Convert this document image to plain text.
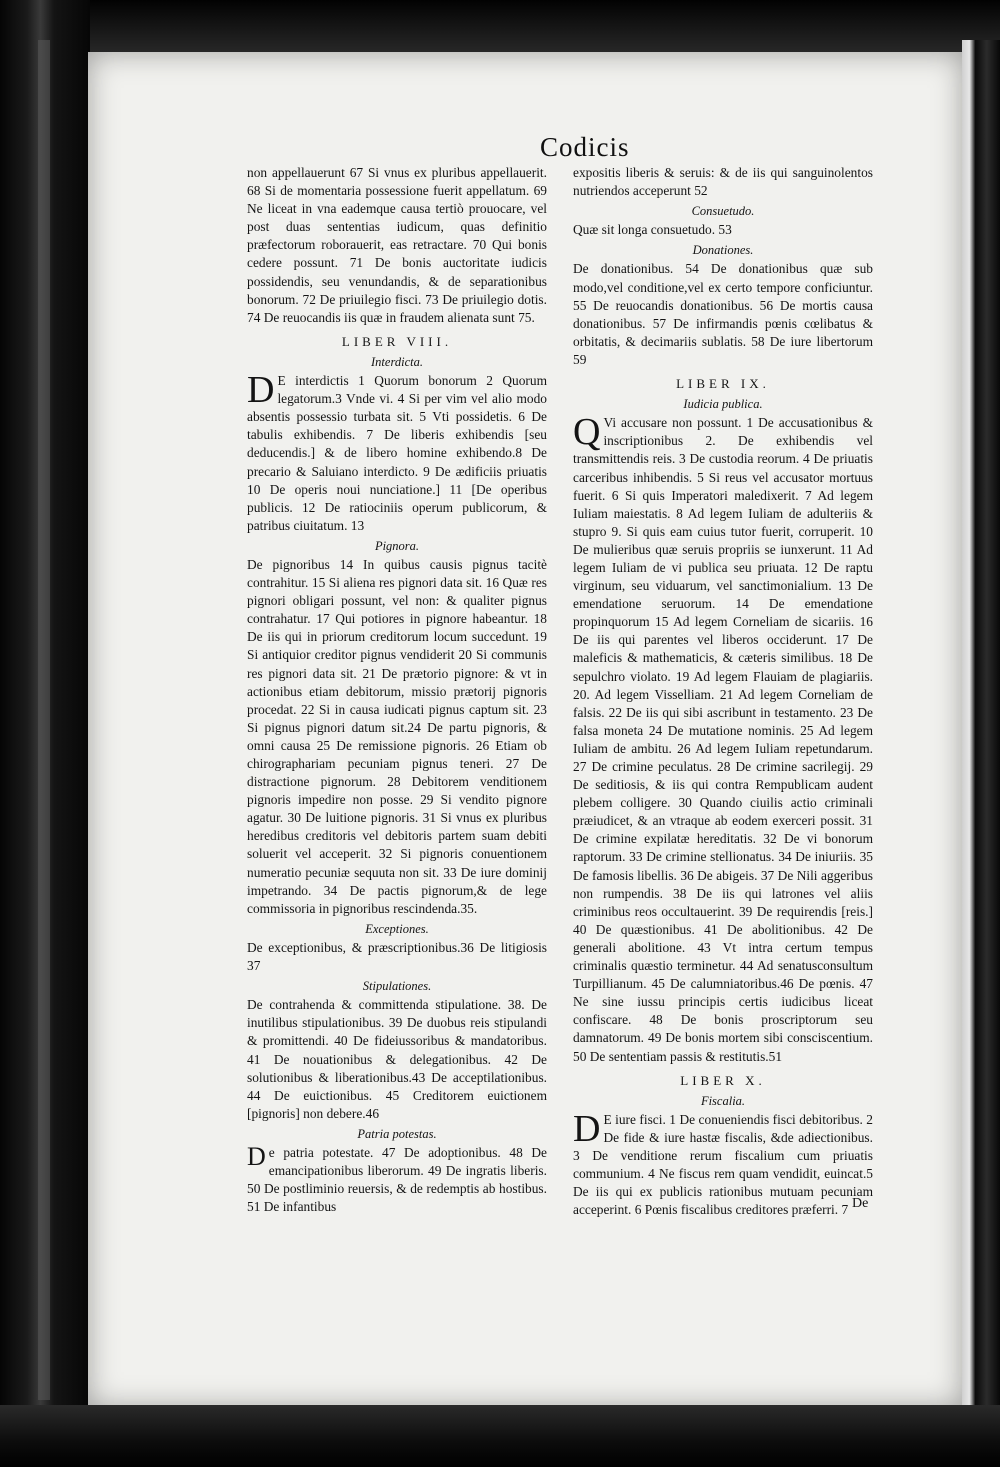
Codicis

non appellauerunt 67 Si vnus ex pluribus appellauerit. 68 Si de momentaria possessione fuerit appellatum. 69 Ne liceat in vna eademque causa tertiò prouocare, vel post duas sententias iudicum, quas definitio præfectorum roborauerit, eas retractare. 70 Qui bonis cedere possunt. 71 De bonis auctoritate iudicis possidendis, seu venundandis, & de separationibus bonorum. 72 De priuilegio fisci. 73 De priuilegio dotis. 74 De reuocandis iis quæ in fraudem alienata sunt 75.

LIBER VIII.
Interdicta.

D E interdictis 1 Quorum bonorum 2 Quorum legatorum.3 Vnde vi. 4 Si per vim vel alio modo absentis possessio turbata sit. 5 Vti possidetis. 6 De tabulis exhibendis. 7 De liberis exhibendis [seu deducendis.] & de libero homine exhibendo.8 De precario & Saluiano interdicto. 9 De ædificiis priuatis 10 De operis noui nunciatione.] 11 [De operibus publicis. 12 De ratiociniis operum publicorum, & patribus ciuitatum. 13

Pignora.

De pignoribus 14 In quibus causis pignus tacitè contrahitur. 15 Si aliena res pignori data sit. 16 Quæ res pignori obligari possunt, vel non: & qualiter pignus contrahatur. 17 Qui potiores in pignore habeantur. 18 De iis qui in priorum creditorum locum succedunt. 19 Si antiquior creditor pignus vendiderit 20 Si communis res pignori data sit. 21 De prætorio pignore: & vt in actionibus etiam debitorum, missio prætorij pignoris procedat. 22 Si in causa iudicati pignus captum sit. 23 Si pignus pignori datum sit.24 De partu pignoris, & omni causa 25 De remissione pignoris. 26 Etiam ob chirographariam pecuniam pignus teneri. 27 De distractione pignorum. 28 Debitorem venditionem pignoris impedire non posse. 29 Si vendito pignore agatur. 30 De luitione pignoris. 31 Si vnus ex pluribus heredibus creditoris vel debitoris partem suam debiti soluerit vel acceperit. 32 Si pignoris conuentionem numeratio pecuniæ sequuta non sit. 33 De iure dominij impetrando. 34 De pactis pignorum,& de lege commissoria in pignoribus rescindenda.35.

Exceptiones.

De exceptionibus, & præscriptionibus.36 De litigiosis 37

Stipulationes.

De contrahenda & committenda stipulatione. 38. De inutilibus stipulationibus. 39 De duobus reis stipulandi & promittendi. 40 De fideiussoribus & mandatoribus. 41 De nouationibus & delegationibus. 42 De solutionibus & liberationibus.43 De acceptilationibus. 44 De euictionibus. 45 Creditorem euictionem [pignoris] non debere.46

Patria potestas.

De patria potestate. 47 De adoptionibus. 48 De emancipationibus liberorum. 49 De ingratis liberis. 50 De postliminio reuersis, & de redemptis ab hostibus. 51 De infantibus

expositis liberis & seruis: & de iis qui sanguinolentos nutriendos acceperunt 52

Consuetudo.

Quæ sit longa consuetudo. 53

Donationes.

De donationibus. 54 De donationibus quæ sub modo,vel conditione,vel ex certo tempore conficiuntur. 55 De reuocandis donationibus. 56 De mortis causa donationibus. 57 De infirmandis pœnis cœlibatus & orbitatis, & decimariis sublatis. 58 De iure libertorum 59

LIBER IX.
Iudicia publica.

Q Vi accusare non possunt. 1 De accusationibus & inscriptionibus 2. De exhibendis vel transmittendis reis. 3 De custodia reorum. 4 De priuatis carceribus inhibendis. 5 Si reus vel accusator mortuus fuerit. 6 Si quis Imperatori maledixerit. 7 Ad legem Iuliam maiestatis. 8 Ad legem Iuliam de adulteriis & stupro 9. Si quis eam cuius tutor fuerit, corruperit. 10 De mulieribus quæ seruis propriis se iunxerunt. 11 Ad legem Iuliam de vi publica seu priuata. 12 De raptu virginum, seu viduarum, vel sanctimonialium. 13 De emendatione seruorum. 14 De emendatione propinquorum 15 Ad legem Corneliam de sicariis. 16 De iis qui parentes vel liberos occiderunt. 17 De maleficis & mathematicis, & cæteris similibus. 18 De sepulchro violato. 19 Ad legem Flauiam de plagiariis. 20. Ad legem Visselliam. 21 Ad legem Corneliam de falsis. 22 De iis qui sibi ascribunt in testamento. 23 De falsa moneta 24 De mutatione nominis. 25 Ad legem Iuliam de ambitu. 26 Ad legem Iuliam repetundarum. 27 De crimine peculatus. 28 De crimine sacrilegij. 29 De seditiosis, & iis qui contra Rempublicam audent plebem colligere. 30 Quando ciuilis actio criminali præiudicet, & an vtraque ab eodem exerceri possit. 31 De crimine expilatæ hereditatis. 32 De vi bonorum raptorum. 33 De crimine stellionatus. 34 De iniuriis. 35 De famosis libellis. 36 De abigeis. 37 De Nili aggeribus non rumpendis. 38 De iis qui latrones vel aliis criminibus reos occultauerint. 39 De requirendis [reis.] 40 De quæstionibus. 41 De abolitionibus. 42 De generali abolitione. 43 Vt intra certum tempus criminalis quæstio terminetur. 44 Ad senatusconsultum Turpillianum. 45 De calumniatoribus.46 De pœnis. 47 Ne sine iussu principis certis iudicibus liceat confiscare. 48 De bonis proscriptorum seu damnatorum. 49 De bonis mortem sibi consciscentium. 50 De sententiam passis & restitutis.51

LIBER X.
Fiscalia.

D E iure fisci. 1 De conueniendis fisci debitoribus. 2 De fide & iure hastæ fiscalis, &de adiectionibus. 3 De venditione rerum fiscalium cum priuatis communium. 4 Ne fiscus rem quam vendidit, euincat.5 De iis qui ex publicis rationibus mutuam pecuniam acceperint. 6 Pœnis fiscalibus creditores præferri. 7 De
